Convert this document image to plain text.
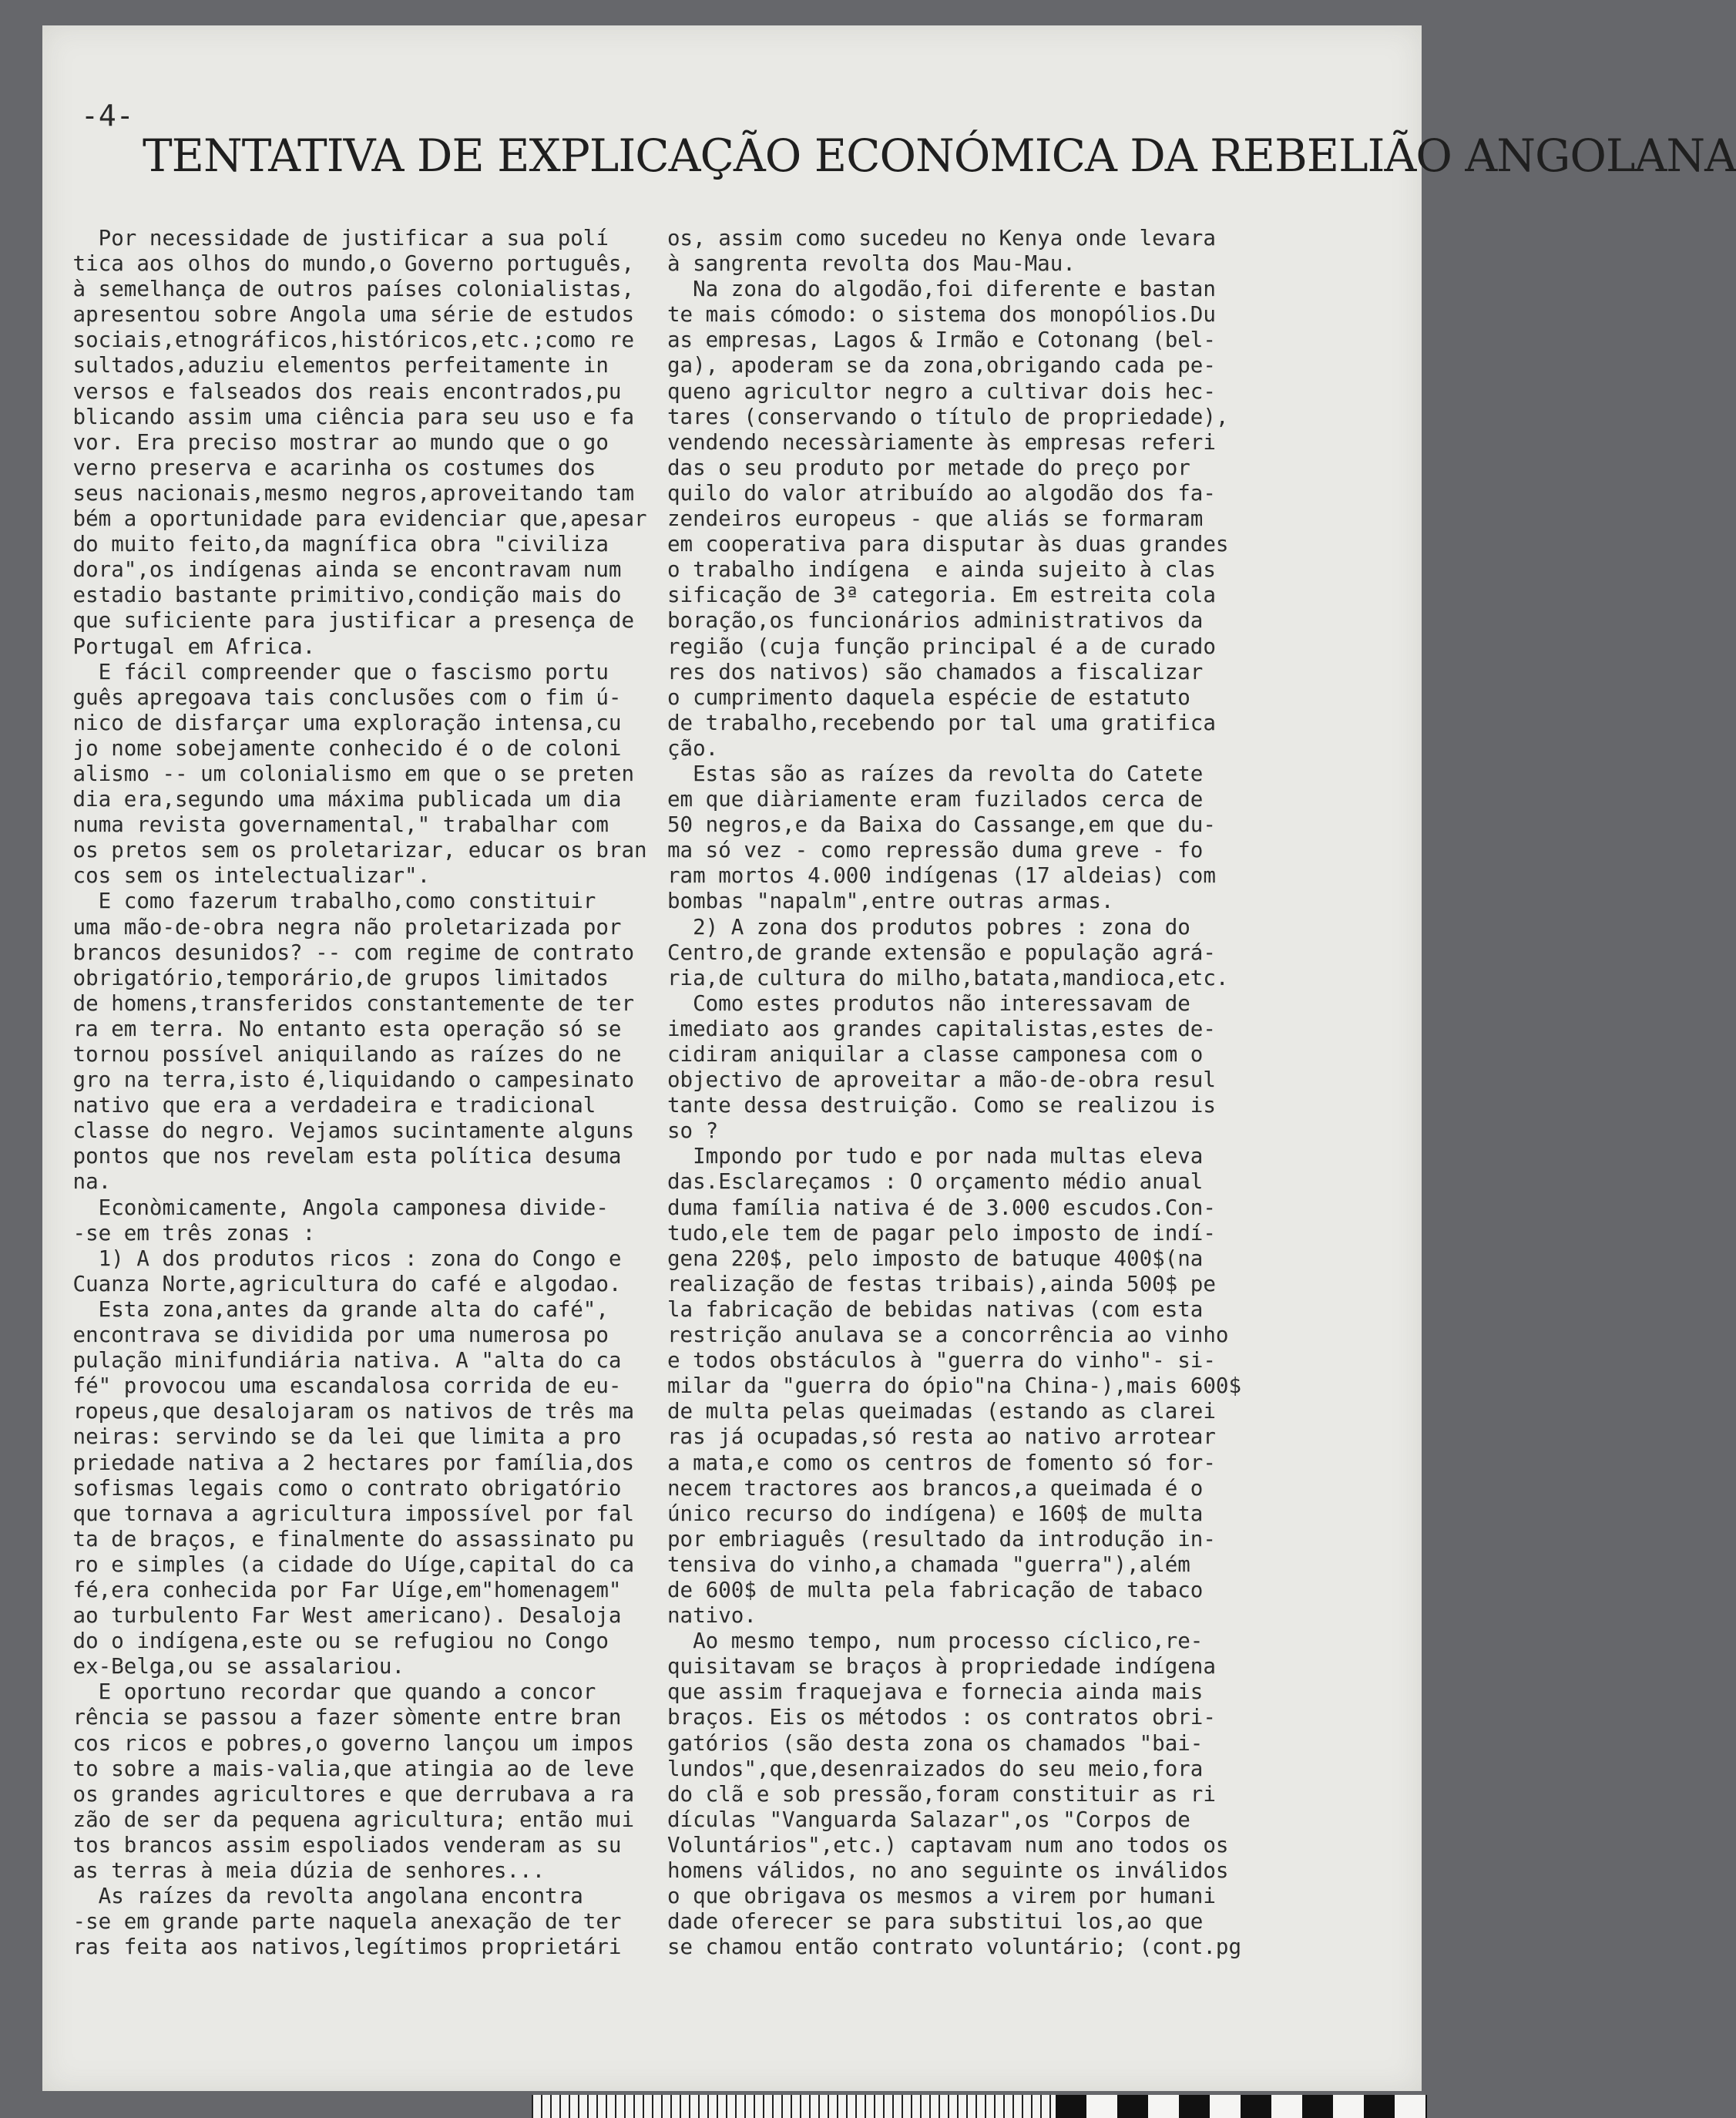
-4-
TENTATIVA DE EXPLICAÇÃO ECONÓMICA DA REBELIÃO ANGOLANA

Por necessidade de justificar a sua polí

tica aos olhos do mundo,o Governo português,

à semelhança de outros países colonialistas,

apresentou sobre Angola uma série de estudos

sociais,etnográficos,históricos,etc.;como re

sultados,aduziu elementos perfeitamente in

versos e falseados dos reais encontrados,pu

blicando assim uma ciência para seu uso e fa

vor. Era preciso mostrar ao mundo que o go

verno preserva e acarinha os costumes dos

seus nacionais,mesmo negros,aproveitando tam

bém a oportunidade para evidenciar que,apesar

do muito feito,da magnífica obra "civiliza

dora",os indígenas ainda se encontravam num

estadio bastante primitivo,condição mais do

que suficiente para justificar a presença de

Portugal em Africa.

E fácil compreender que o fascismo portu

guês apregoava tais conclusões com o fim ú-

nico de disfarçar uma exploração intensa,cu

jo nome sobejamente conhecido é o de coloni

alismo -- um colonialismo em que o se preten

dia era,segundo uma máxima publicada um dia

numa revista governamental," trabalhar com

os pretos sem os proletarizar, educar os bran

cos sem os intelectualizar".

E como fazerum trabalho,como constituir

uma mão-de-obra negra não proletarizada por

brancos desunidos? -- com regime de contrato

obrigatório,temporário,de grupos limitados

de homens,transferidos constantemente de ter

ra em terra. No entanto esta operação só se

tornou possível aniquilando as raízes do ne

gro na terra,isto é,liquidando o campesinato

nativo que era a verdadeira e tradicional

classe do negro. Vejamos sucintamente alguns

pontos que nos revelam esta política desuma

na.

Econòmicamente, Angola camponesa divide-

-se em três zonas :

1) A dos produtos ricos : zona do Congo e

Cuanza Norte,agricultura do café e algodao.

Esta zona,antes da grande alta do café",

encontrava se dividida por uma numerosa po

pulação minifundiária nativa. A "alta do ca

fé" provocou uma escandalosa corrida de eu-

ropeus,que desalojaram os nativos de três ma

neiras: servindo se da lei que limita a pro

priedade nativa a 2 hectares por família,dos

sofismas legais como o contrato obrigatório

que tornava a agricultura impossível por fal

ta de braços, e finalmente do assassinato pu

ro e simples (a cidade do Uíge,capital do ca

fé,era conhecida por Far Uíge,em"homenagem"

ao turbulento Far West americano). Desaloja

do o indígena,este ou se refugiou no Congo

ex-Belga,ou se assalariou.

E oportuno recordar que quando a concor

rência se passou a fazer sòmente entre bran

cos ricos e pobres,o governo lançou um impos

to sobre a mais-valia,que atingia ao de leve

os grandes agricultores e que derrubava a ra

zão de ser da pequena agricultura; então mui

tos brancos assim espoliados venderam as su

as terras à meia dúzia de senhores...

As raízes da revolta angolana encontra

-se em grande parte naquela anexação de ter

ras feita aos nativos,legítimos proprietári

os, assim como sucedeu no Kenya onde levara

à sangrenta revolta dos Mau-Mau.

Na zona do algodão,foi diferente e bastan

te mais cómodo: o sistema dos monopólios.Du

as empresas, Lagos & Irmão e Cotonang (bel-

ga), apoderam se da zona,obrigando cada pe-

queno agricultor negro a cultivar dois hec-

tares (conservando o título de propriedade),

vendendo necessàriamente às empresas referi

das o seu produto por metade do preço por

quilo do valor atribuído ao algodão dos fa-

zendeiros europeus - que aliás se formaram

em cooperativa para disputar às duas grandes

o trabalho indígena  e ainda sujeito à clas

sificação de 3ª categoria. Em estreita cola

boração,os funcionários administrativos da

região (cuja função principal é a de curado

res dos nativos) são chamados a fiscalizar

o cumprimento daquela espécie de estatuto

de trabalho,recebendo por tal uma gratifica

ção.

Estas são as raízes da revolta do Catete

em que diàriamente eram fuzilados cerca de

50 negros,e da Baixa do Cassange,em que du-

ma só vez - como repressão duma greve - fo

ram mortos 4.000 indígenas (17 aldeias) com

bombas "napalm",entre outras armas.

2) A zona dos produtos pobres : zona do

Centro,de grande extensão e população agrá-

ria,de cultura do milho,batata,mandioca,etc.

Como estes produtos não interessavam de

imediato aos grandes capitalistas,estes de-

cidiram aniquilar a classe camponesa com o

objectivo de aproveitar a mão-de-obra resul

tante dessa destruição. Como se realizou is

so ?

Impondo por tudo e por nada multas eleva

das.Esclareçamos : O orçamento médio anual

duma família nativa é de 3.000 escudos.Con-

tudo,ele tem de pagar pelo imposto de indí-

gena 220$, pelo imposto de batuque 400$(na

realização de festas tribais),ainda 500$ pe

la fabricação de bebidas nativas (com esta

restrição anulava se a concorrência ao vinho

e todos obstáculos à "guerra do vinho"- si-

milar da "guerra do ópio"na China-),mais 600$

de multa pelas queimadas (estando as clarei

ras já ocupadas,só resta ao nativo arrotear

a mata,e como os centros de fomento só for-

necem tractores aos brancos,a queimada é o

único recurso do indígena) e 160$ de multa

por embriaguês (resultado da introdução in-

tensiva do vinho,a chamada "guerra"),além

de 600$ de multa pela fabricação de tabaco

nativo.

Ao mesmo tempo, num processo cíclico,re-

quisitavam se braços à propriedade indígena

que assim fraquejava e fornecia ainda mais

braços. Eis os métodos : os contratos obri-

gatórios (são desta zona os chamados "bai-

lundos",que,desenraizados do seu meio,fora

do clã e sob pressão,foram constituir as ri

dículas "Vanguarda Salazar",os "Corpos de

Voluntários",etc.) captavam num ano todos os

homens válidos, no ano seguinte os inválidos

o que obrigava os mesmos a virem por humani

dade oferecer se para substitui los,ao que

se chamou então contrato voluntário; (cont.pg
